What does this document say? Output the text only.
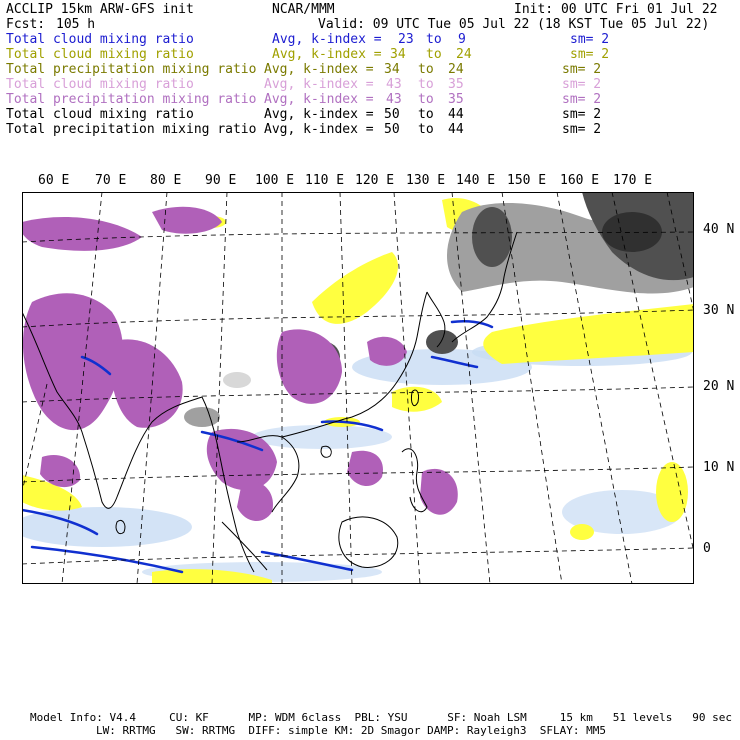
ACCLIP 15km ARW-GFS init	NCAR/MMM	Init: 00 UTC Fri 01 Jul 22
Fcst: 105 h	Valid: 09 UTC Tue 05 Jul 22 (18 KST Tue 05 Jul 22)
Total cloud mixing ratio	Avg, k-index = 23 to 9	sm= 2
Total cloud mixing ratio	Avg, k-index = 34 to 24	sm= 2
Total precipitation mixing ratio Avg, k-index = 34 to 24	sm= 2
Total cloud mixing ratio	Avg, k-index = 43 to 35	sm= 2
Total precipitation mixing ratio Avg, k-index = 43 to 35	sm= 2
Total cloud mixing ratio	Avg, k-index = 50 to 44	sm= 2
Total precipitation mixing ratio Avg, k-index = 50 to 44	sm= 2
60 E 70 E 80 E 90 E 100 E 110 E 120 E 130 E 140 E 150 E 160 E 170 E
40 N
30 N
20 N
10 N
0
Model Info: V4.4     CU: KF      MP: WDM 6class  PBL: YSU      SF: Noah LSM     15 km   51 levels   90 sec
LW: RRTMG   SW: RRTMG  DIFF: simple KM: 2D Smagor DAMP: Rayleigh3  SFLAY: MM5
